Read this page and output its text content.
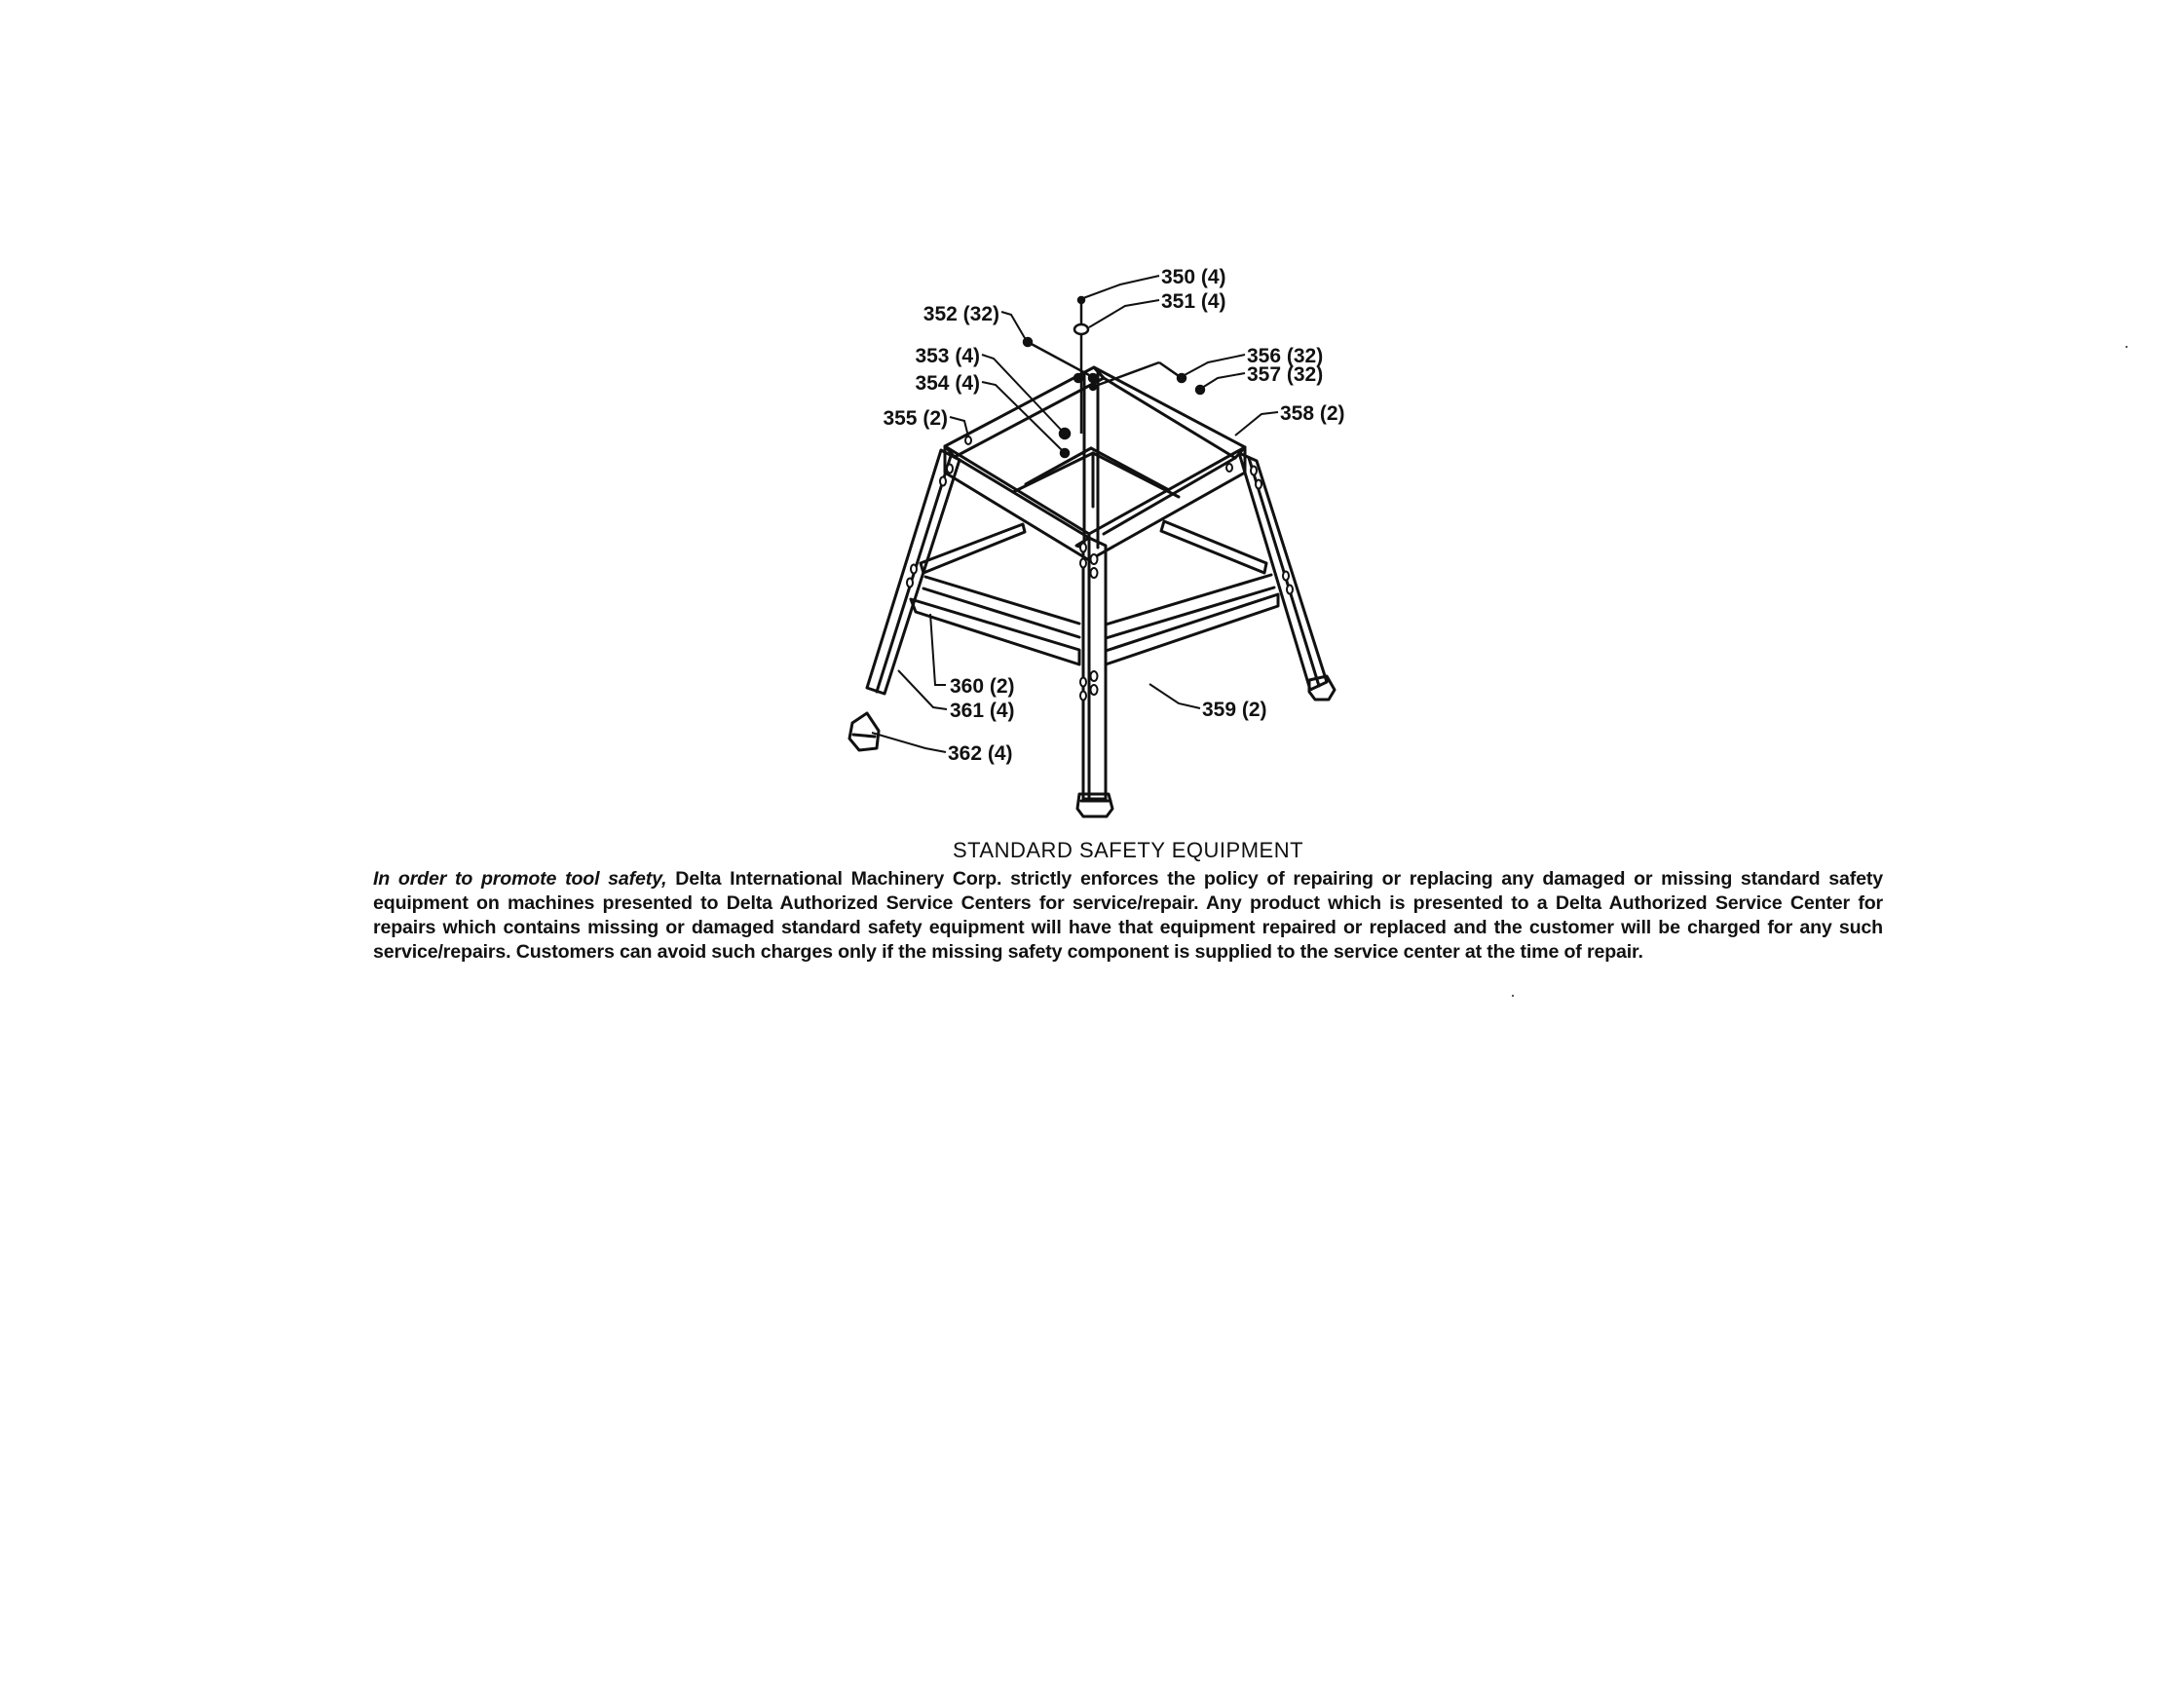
350 (4)
351 (4)
352 (32)
353 (4)
354 (4)
355 (2)
356 (32)
357 (32)
358 (2)
359 (2)
360 (2)
361 (4)
362 (4)
STANDARD SAFETY EQUIPMENT

In order to promote tool safety, Delta International Machinery Corp. strictly enforces the policy of repairing or replacing any damaged or missing standard safety equipment on machines presented to Delta Authorized Service Centers for service/repair. Any product which is presented to a Delta Authorized Service Center for repairs which contains missing or damaged standard safety equipment will have that equipment repaired or replaced and the customer will be charged for any such service/repairs. Customers can avoid such charges only if the missing safety component is supplied to the service center at the time of repair.
